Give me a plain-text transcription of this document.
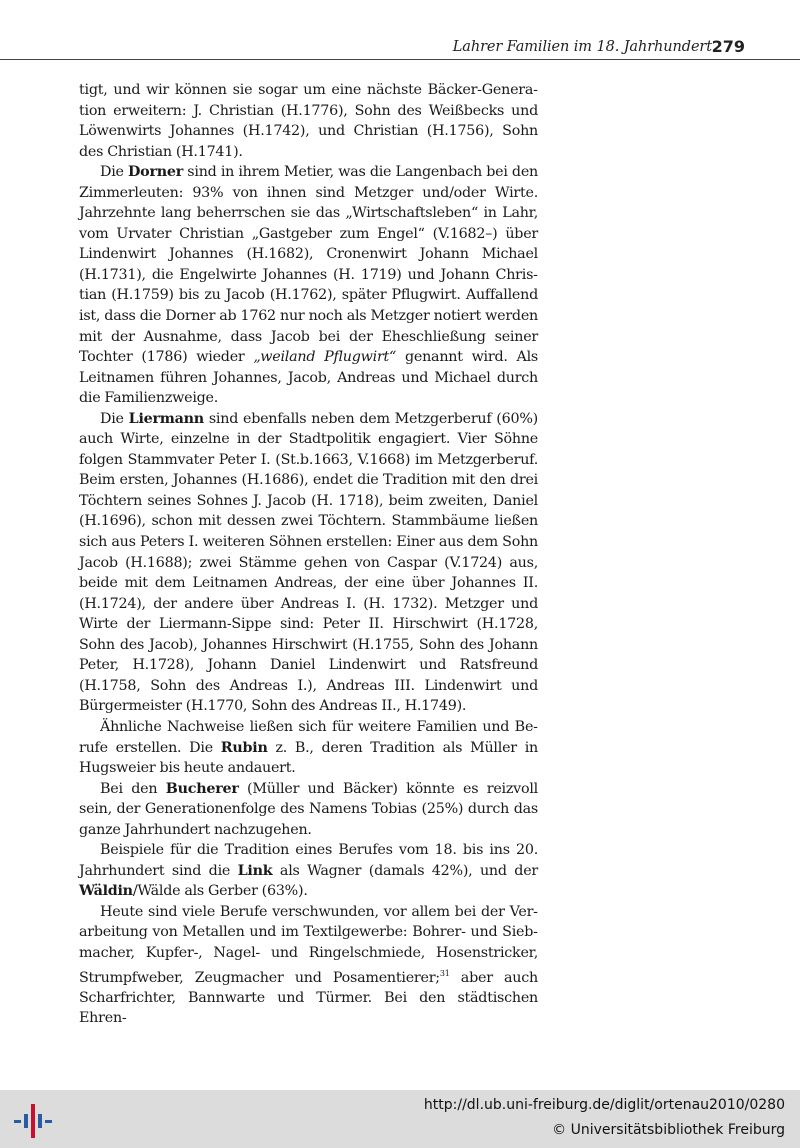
Lahrer Familien im 18. Jahrhundert 279

tigt, und wir können sie sogar um eine nächste Bäcker-Generation erweitern: J. Christian (H.1776), Sohn des Weißbecks und Löwenwirts Johannes (H.1742), und Christian (H.1756), Sohn des Christian (H.1741).

Die Dorner sind in ihrem Metier, was die Langenbach bei den Zimmerleuten: 93% von ihnen sind Metzger und/oder Wirte. Jahrzehnte lang beherrschen sie das „Wirtschaftsleben“ in Lahr, vom Urvater Christian „Gastgeber zum Engel“ (V.1682–) über Lindenwirt Johannes (H.1682), Cronenwirt Johann Michael (H.1731), die Engelwirte Johannes (H. 1719) und Johann Christian (H.1759) bis zu Jacob (H.1762), später Pflugwirt. Auffallend ist, dass die Dorner ab 1762 nur noch als Metzger notiert werden mit der Ausnahme, dass Jacob bei der Eheschließung seiner Tochter (1786) wieder „weiland Pflugwirt“ genannt wird. Als Leitnamen führen Johannes, Jacob, Andreas und Michael durch die Familienzweige.

Die Liermann sind ebenfalls neben dem Metzgerberuf (60%) auch Wirte, einzelne in der Stadtpolitik engagiert. Vier Söhne folgen Stammvater Peter I. (St.b.1663, V.1668) im Metzgerberuf. Beim ersten, Johannes (H.1686), endet die Tradition mit den drei Töchtern seines Sohnes J. Jacob (H. 1718), beim zweiten, Daniel (H.1696), schon mit dessen zwei Töchtern. Stammbäume ließen sich aus Peters I. weiteren Söhnen erstellen: Einer aus dem Sohn Jacob (H.1688); zwei Stämme gehen von Caspar (V.1724) aus, beide mit dem Leitnamen Andreas, der eine über Johannes II. (H.1724), der andere über Andreas I. (H. 1732). Metzger und Wirte der Liermann-Sippe sind: Peter II. Hirschwirt (H.1728, Sohn des Jacob), Johannes Hirschwirt (H.1755, Sohn des Johann Peter, H.1728), Johann Daniel Lindenwirt und Ratsfreund (H.1758, Sohn des Andreas I.), Andreas III. Lindenwirt und Bürgermeister (H.1770, Sohn des Andreas II., H.1749).

Ähnliche Nachweise ließen sich für weitere Familien und Berufe erstellen. Die Rubin z. B., deren Tradition als Müller in Hugsweier bis heute andauert.

Bei den Bucherer (Müller und Bäcker) könnte es reizvoll sein, der Generationenfolge des Namens Tobias (25%) durch das ganze Jahrhundert nachzugehen.

Beispiele für die Tradition eines Berufes vom 18. bis ins 20. Jahrhundert sind die Link als Wagner (damals 42%), und der Wäldin/Wälde als Gerber (63%).

Heute sind viele Berufe verschwunden, vor allem bei der Verarbeitung von Metallen und im Textilgewerbe: Bohrer- und Siebmacher, Kupfer-, Nagel- und Ringelschmiede, Hosenstricker, Strumpfweber, Zeugmacher und Posamentierer;$^{31}$ aber auch Scharfrichter, Bannwarte und Türmer. Bei den städtischen Ehren-

http://dl.ub.uni-freiburg.de/diglit/ortenau2010/0280
© Universitätsbibliothek Freiburg
